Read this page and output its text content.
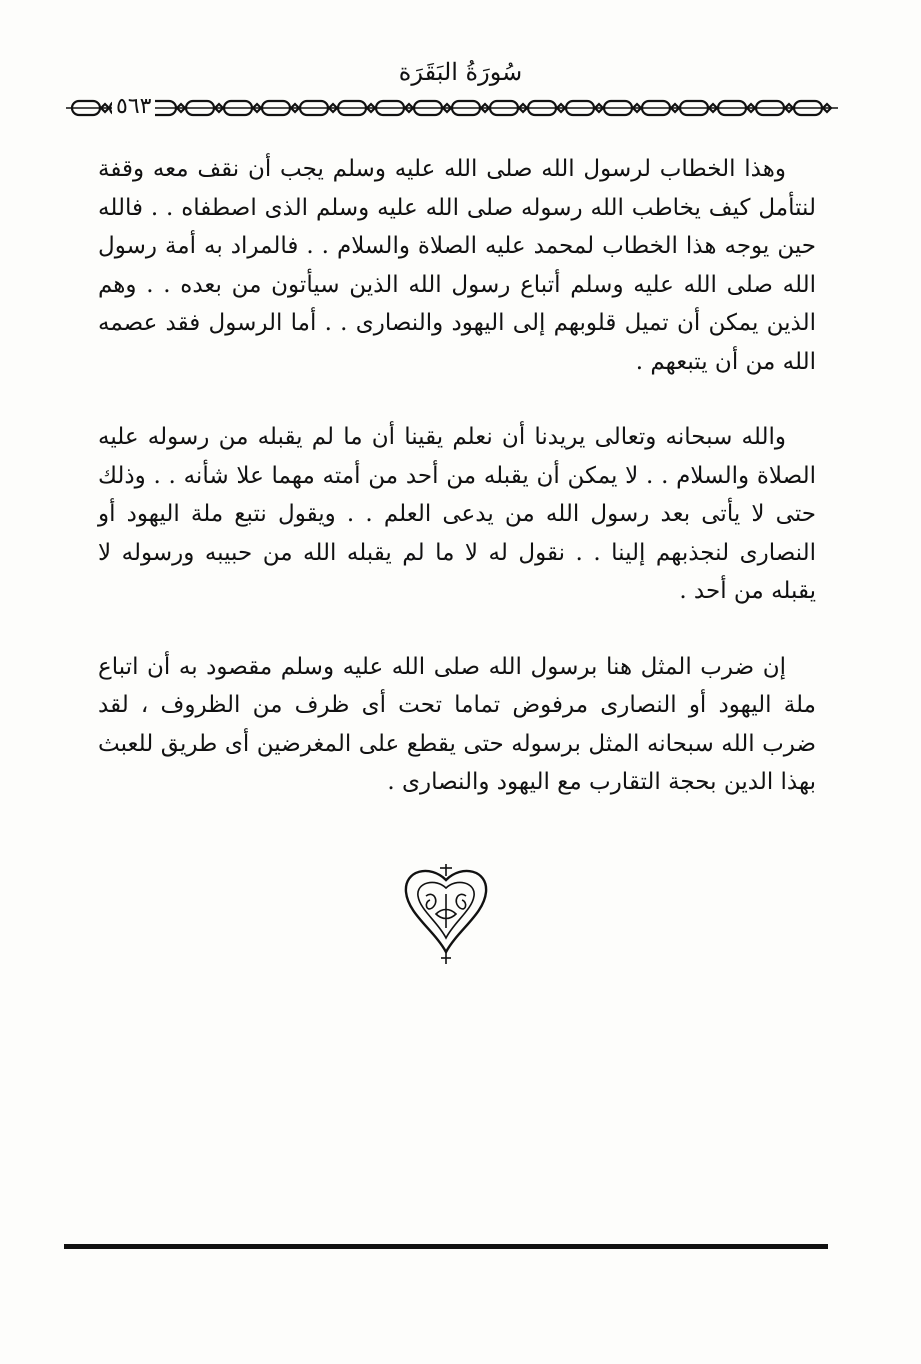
سُورَةُ البَقَرَة
٥٦٣

وهذا الخطاب لرسول الله صلى الله عليه وسلم يجب أن نقف معه وقفة لنتأمل كيف يخاطب الله رسوله صلى الله عليه وسلم الذى اصطفاه . . فالله حين يوجه هذا الخطاب لمحمد عليه الصلاة والسلام . . فالمراد به أمة رسول الله صلى الله عليه وسلم أتباع رسول الله الذين سيأتون من بعده . . وهم الذين يمكن أن تميل قلوبهم إلى اليهود والنصارى . . أما الرسول فقد عصمه الله من أن يتبعهم .

والله سبحانه وتعالى يريدنا أن نعلم يقينا أن ما لم يقبله من رسوله عليه الصلاة والسلام . . لا يمكن أن يقبله من أحد من أمته مهما علا شأنه . . وذلك حتى لا يأتى بعد رسول الله من يدعى العلم . . ويقول نتبع ملة اليهود أو النصارى لنجذبهم إلينا . . نقول له لا ما لم يقبله الله من حبيبه ورسوله لا يقبله من أحد .

إن ضرب المثل هنا برسول الله صلى الله عليه وسلم مقصود به أن اتباع ملة اليهود أو النصارى مرفوض تماما تحت أى ظرف من الظروف ، لقد ضرب الله سبحانه المثل برسوله حتى يقطع على المغرضين أى طريق للعبث بهذا الدين بحجة التقارب مع اليهود والنصارى .
